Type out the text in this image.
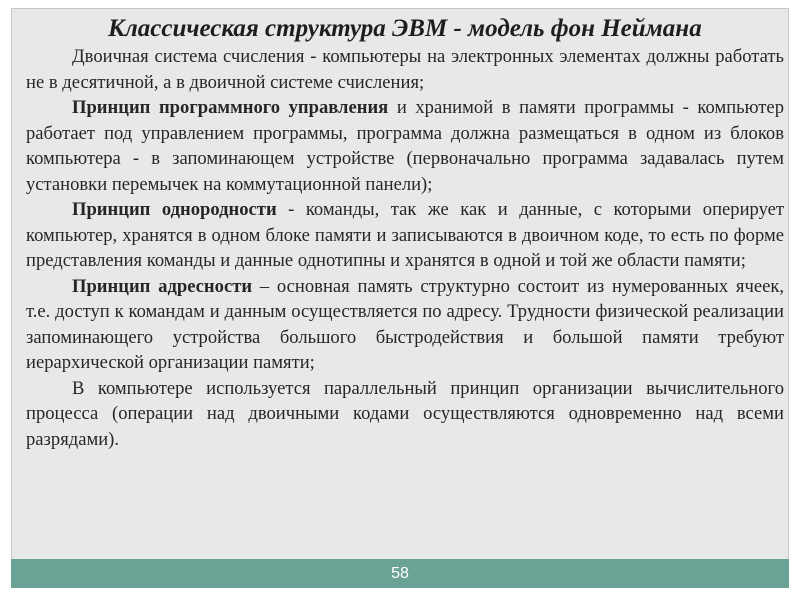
Классическая структура ЭВМ - модель фон Неймана

Двоичная система счисления - компьютеры на электронных элементах должны работать не в десятичной, а в двоичной системе счисления;

Принцип программного управления и хранимой в памяти программы - компьютер работает под управлением программы, программа должна размещаться в одном из блоков компьютера - в запоминающем устройстве (первоначально программа задавалась путем установки перемычек на коммутационной панели);

Принцип однородности - команды, так же как и данные, с которыми оперирует компьютер, хранятся в одном блоке памяти и записываются в двоичном коде, то есть по форме представления команды и данные однотипны и хранятся в одной и той же области памяти;

Принцип адресности – основная память структурно состоит из нумерованных ячеек, т.е. доступ к командам и данным осуществляется по адресу. Трудности физической реализации запоминающего устройства большого быстродействия и большой памяти требуют иерархической организации памяти;

В компьютере используется параллельный принцип организации вычислительного процесса (операции над двоичными кодами осуществляются одновременно над всеми разрядами).

58
